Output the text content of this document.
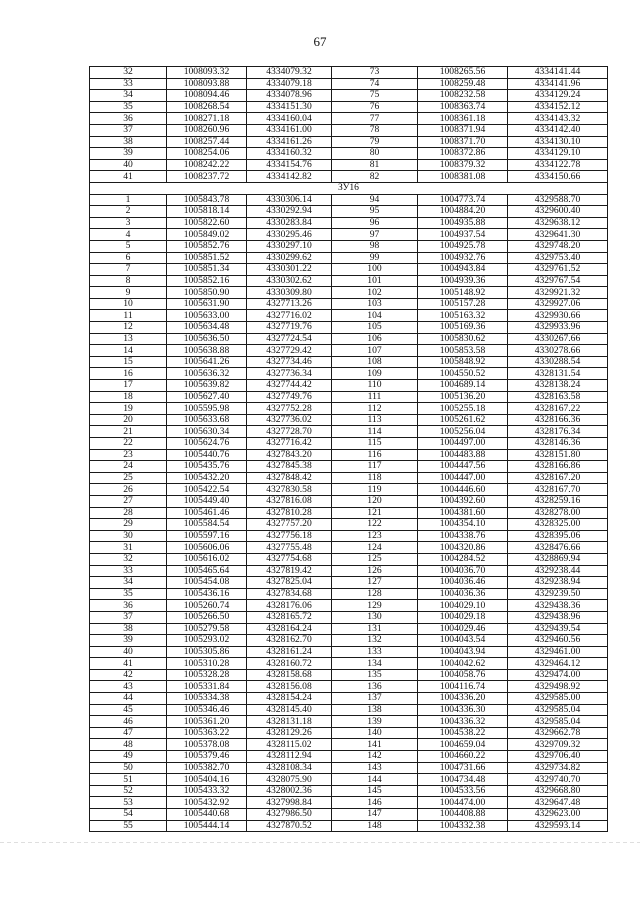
67
32	1008093.32	4334079.32	73	1008265.56	4334141.44
33	1008093.88	4334079.18	74	1008259.48	4334141.96
34	1008094.46	4334078.96	75	1008232.58	4334129.24
35	1008268.54	4334151.30	76	1008363.74	4334152.12
36	1008271.18	4334160.04	77	1008361.18	4334143.32
37	1008260.96	4334161.00	78	1008371.94	4334142.40
38	1008257.44	4334161.26	79	1008371.70	4334130.10
39	1008254.06	4334160.32	80	1008372.86	4334129.10
40	1008242.22	4334154.76	81	1008379.32	4334122.78
41	1008237.72	4334142.82	82	1008381.08	4334150.66
ЗУ16					
1	1005843.78	4330306.14	94	1004773.74	4329588.70
2	1005818.14	4330292.94	95	1004884.20	4329600.40
3	1005822.60	4330283.84	96	1004935.88	4329638.12
4	1005849.02	4330295.46	97	1004937.54	4329641.30
5	1005852.76	4330297.10	98	1004925.78	4329748.20
6	1005851.52	4330299.62	99	1004932.76	4329753.40
7	1005851.34	4330301.22	100	1004943.84	4329761.52
8	1005852.16	4330302.62	101	1004939.36	4329767.54
9	1005850.90	4330309.80	102	1005148.92	4329921.32
10	1005631.90	4327713.26	103	1005157.28	4329927.06
11	1005633.00	4327716.02	104	1005163.32	4329930.66
12	1005634.48	4327719.76	105	1005169.36	4329933.96
13	1005636.50	4327724.54	106	1005830.62	4330267.66
14	1005638.88	4327729.42	107	1005853.58	4330278.66
15	1005641.26	4327734.46	108	1005848.92	4330288.54
16	1005636.32	4327736.34	109	1004550.52	4328131.54
17	1005639.82	4327744.42	110	1004689.14	4328138.24
18	1005627.40	4327749.76	111	1005136.20	4328163.58
19	1005595.98	4327752.28	112	1005255.18	4328167.22
20	1005633.68	4327736.02	113	1005261.62	4328166.36
21	1005630.34	4327728.70	114	1005256.04	4328176.34
22	1005624.76	4327716.42	115	1004497.00	4328146.36
23	1005440.76	4327843.20	116	1004483.88	4328151.80
24	1005435.76	4327845.38	117	1004447.56	4328166.86
25	1005432.20	4327848.42	118	1004447.00	4328167.20
26	1005422.54	4327830.58	119	1004446.60	4328167.70
27	1005449.40	4327816.08	120	1004392.60	4328259.16
28	1005461.46	4327810.28	121	1004381.60	4328278.00
29	1005584.54	4327757.20	122	1004354.10	4328325.00
30	1005597.16	4327756.18	123	1004338.76	4328395.06
31	1005606.06	4327755.48	124	1004320.86	4328476.66
32	1005616.02	4327754.68	125	1004284.52	4328869.94
33	1005465.64	4327819.42	126	1004036.70	4329238.44
34	1005454.08	4327825.04	127	1004036.46	4329238.94
35	1005436.16	4327834.68	128	1004036.36	4329239.50
36	1005260.74	4328176.06	129	1004029.10	4329438.36
37	1005266.50	4328165.72	130	1004029.18	4329438.96
38	1005279.58	4328164.24	131	1004029.46	4329439.54
39	1005293.02	4328162.70	132	1004043.54	4329460.56
40	1005305.86	4328161.24	133	1004043.94	4329461.00
41	1005310.28	4328160.72	134	1004042.62	4329464.12
42	1005328.28	4328158.68	135	1004058.76	4329474.00
43	1005331.84	4328156.08	136	1004116.74	4329498.92
44	1005334.38	4328154.24	137	1004336.20	4329585.00
45	1005346.46	4328145.40	138	1004336.30	4329585.04
46	1005361.20	4328131.18	139	1004336.32	4329585.04
47	1005363.22	4328129.26	140	1004538.22	4329662.78
48	1005378.08	4328115.02	141	1004659.04	4329709.32
49	1005379.46	4328112.94	142	1004660.22	4329706.40
50	1005382.70	4328108.34	143	1004731.66	4329734.82
51	1005404.16	4328075.90	144	1004734.48	4329740.70
52	1005433.32	4328002.36	145	1004533.56	4329668.80
53	1005432.92	4327998.84	146	1004474.00	4329647.48
54	1005440.68	4327986.50	147	1004408.88	4329623.00
55	1005444.14	4327870.52	148	1004332.38	4329593.14
